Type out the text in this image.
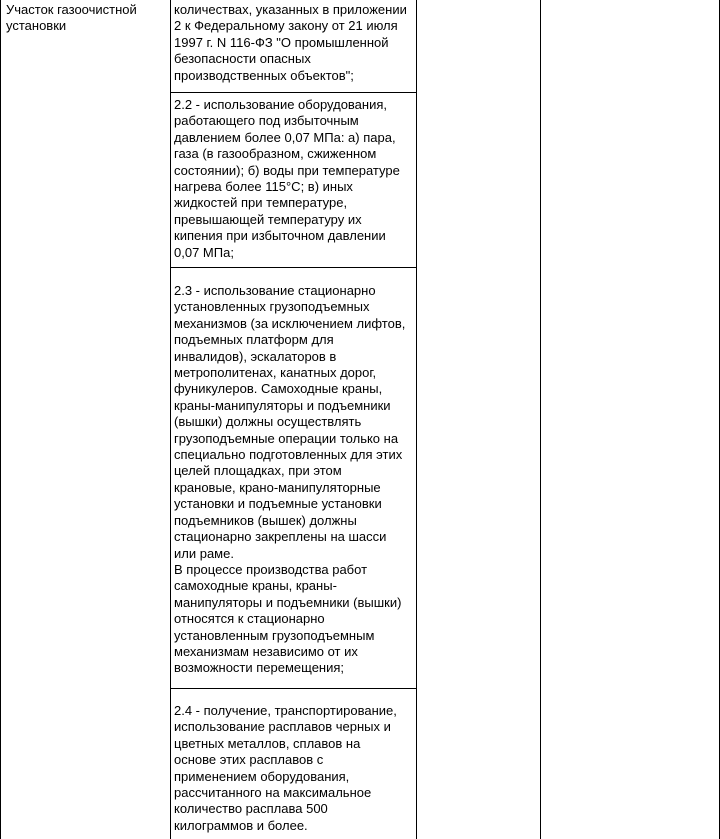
Участок газоочистной
установки
количествах, указанных в приложении
2 к Федеральному закону от 21 июля
1997 г. N 116-ФЗ "О промышленной
безопасности опасных
производственных объектов";
2.2 - использование оборудования,
работающего под избыточным
давлением более 0,07 МПа: а) пара,
газа (в газообразном, сжиженном
состоянии); б) воды при температуре
нагрева более 115°С; в) иных
жидкостей при температуре,
превышающей температуру их
кипения при избыточном давлении
0,07 МПа;
2.3 - использование стационарно
установленных грузоподъемных
механизмов (за исключением лифтов,
подъемных платформ для
инвалидов), эскалаторов в
метрополитенах, канатных дорог,
фуникулеров. Самоходные краны,
краны-манипуляторы и подъемники
(вышки) должны осуществлять
грузоподъемные операции только на
специально подготовленных для этих
целей площадках, при этом
крановые, крано-манипуляторные
установки и подъемные установки
подъемников (вышек) должны
стационарно закреплены на шасси
или раме.
В процессе производства работ
самоходные краны, краны-
манипуляторы и подъемники (вышки)
относятся к стационарно
установленным грузоподъемным
механизмам независимо от их
возможности перемещения;
2.4 - получение, транспортирование,
использование расплавов черных и
цветных металлов, сплавов на
основе этих расплавов с
применением оборудования,
рассчитанного на максимальное
количество расплава 500
килограммов и более.
